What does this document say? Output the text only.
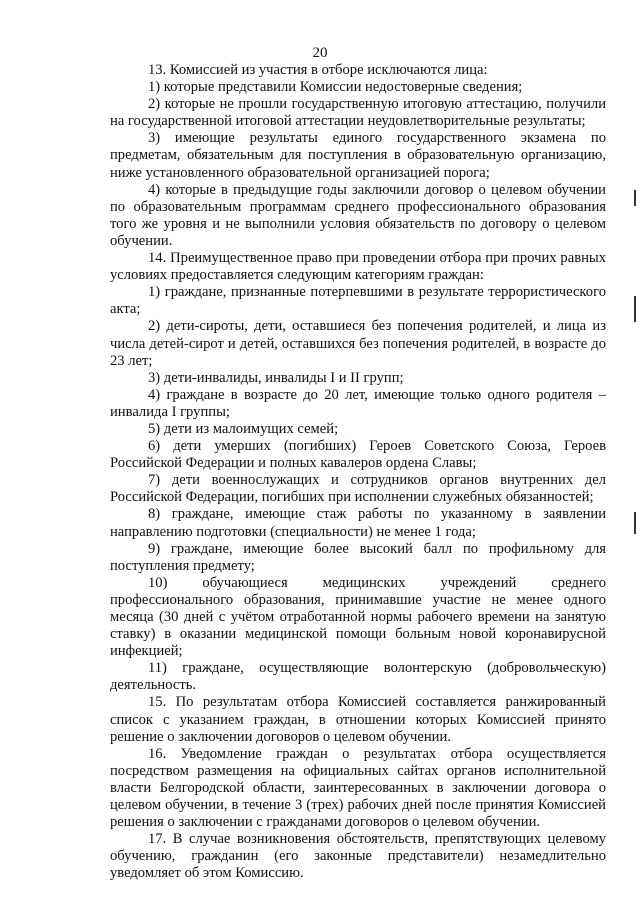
20

13. Комиссией из участия в отборе исключаются лица:

1) которые представили Комиссии недостоверные сведения;

2) которые не прошли государственную итоговую аттестацию, получили на государственной итоговой аттестации неудовлетворительные результаты;

3) имеющие результаты единого государственного экзамена по предметам, обязательным для поступления в образовательную организацию, ниже установленного образовательной организацией порога;

4) которые в предыдущие годы заключили договор о целевом обучении по образовательным программам среднего профессионального образования того же уровня и не выполнили условия обязательств по договору о целевом обучении.

14. Преимущественное право при проведении отбора при прочих равных условиях предоставляется следующим категориям граждан:

1) граждане, признанные потерпевшими в результате террористического акта;

2) дети-сироты, дети, оставшиеся без попечения родителей, и лица из числа детей-сирот и детей, оставшихся без попечения родителей, в возрасте до 23 лет;

3) дети-инвалиды, инвалиды I и II групп;

4) граждане в возрасте до 20 лет, имеющие только одного родителя – инвалида I группы;

5) дети из малоимущих семей;

6) дети умерших (погибших) Героев Советского Союза, Героев Российской Федерации и полных кавалеров ордена Славы;

7) дети военнослужащих и сотрудников органов внутренних дел Российской Федерации, погибших при исполнении служебных обязанностей;

8) граждане, имеющие стаж работы по указанному в заявлении направлению подготовки (специальности) не менее 1 года;

9) граждане, имеющие более высокий балл по профильному для поступления предмету;

10) обучающиеся медицинских учреждений среднего профессионального образования, принимавшие участие не менее одного месяца (30 дней с учётом отработанной нормы рабочего времени на занятую ставку) в оказании медицинской помощи больным новой коронавирусной инфекцией;

11) граждане, осуществляющие волонтерскую (добровольческую) деятельность.

15. По результатам отбора Комиссией составляется ранжированный список с указанием граждан, в отношении которых Комиссией принято решение о заключении договоров о целевом обучении.

16. Уведомление граждан о результатах отбора осуществляется посредством размещения на официальных сайтах органов исполнительной власти Белгородской области, заинтересованных в заключении договора о целевом обучении, в течение 3 (трех) рабочих дней после принятия Комиссией решения о заключении с гражданами договоров о целевом обучении.

17. В случае возникновения обстоятельств, препятствующих целевому обучению, гражданин (его законные представители) незамедлительно уведомляет об этом Комиссию.
